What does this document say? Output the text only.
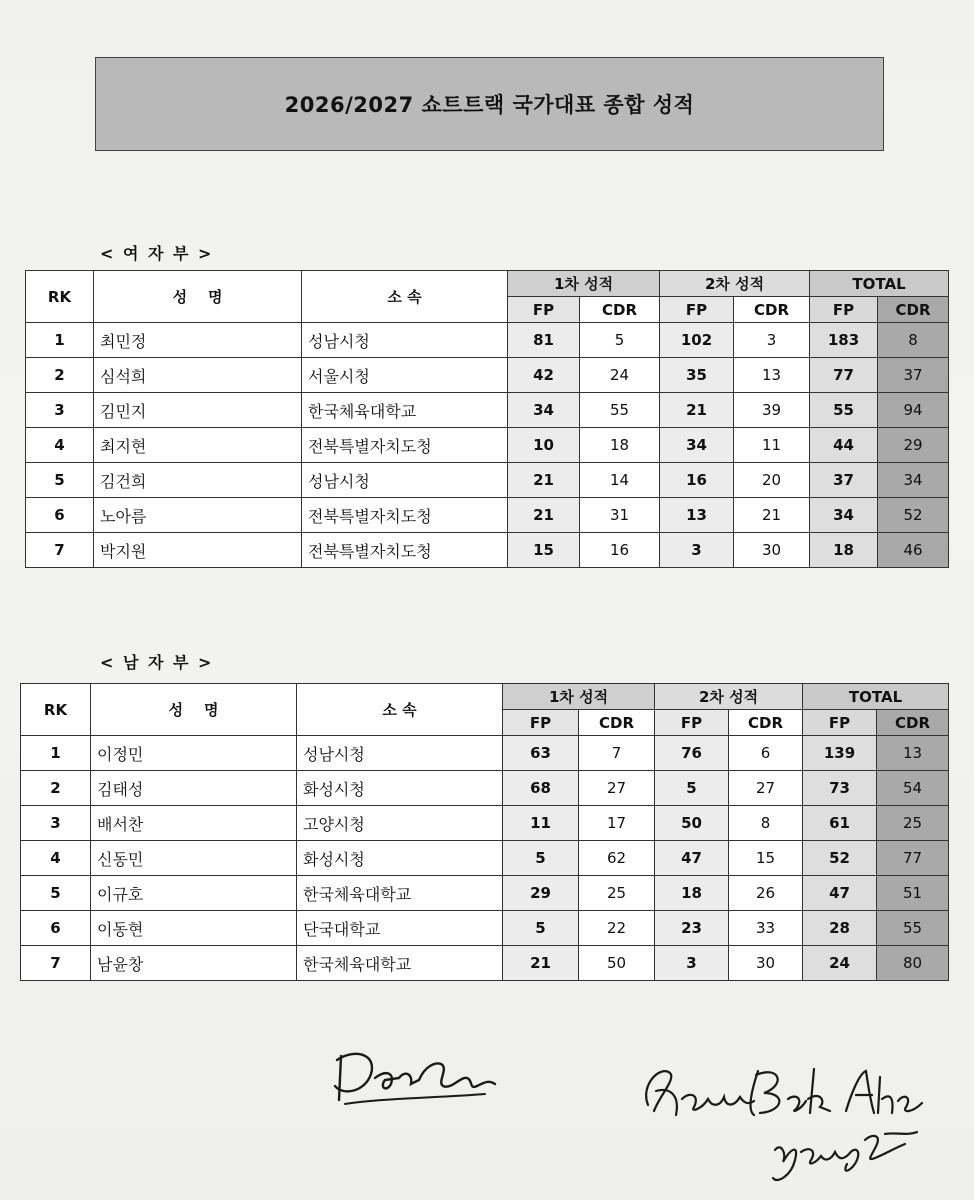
2026/2027 쇼트트랙 국가대표 종합 성적
< 여 자 부 >
RK	성    명	소 속	1차 성적		2차 성적		TOTAL	
			FP	CDR	FP	CDR	FP	CDR
1	최민정	성남시청	81	5	102	3	183	8
2	심석희	서울시청	42	24	35	13	77	37
3	김민지	한국체육대학교	34	55	21	39	55	94
4	최지현	전북특별자치도청	10	18	34	11	44	29
5	김건희	성남시청	21	14	16	20	37	34
6	노아름	전북특별자치도청	21	31	13	21	34	52
7	박지원	전북특별자치도청	15	16	3	30	18	46
< 남 자 부 >
RK	성    명	소 속	1차 성적		2차 성적		TOTAL	
			FP	CDR	FP	CDR	FP	CDR
1	이정민	성남시청	63	7	76	6	139	13
2	김태성	화성시청	68	27	5	27	73	54
3	배서찬	고양시청	11	17	50	8	61	25
4	신동민	화성시청	5	62	47	15	52	77
5	이규호	한국체육대학교	29	25	18	26	47	51
6	이동현	단국대학교	5	22	23	33	28	55
7	남윤창	한국체육대학교	21	50	3	30	24	80
